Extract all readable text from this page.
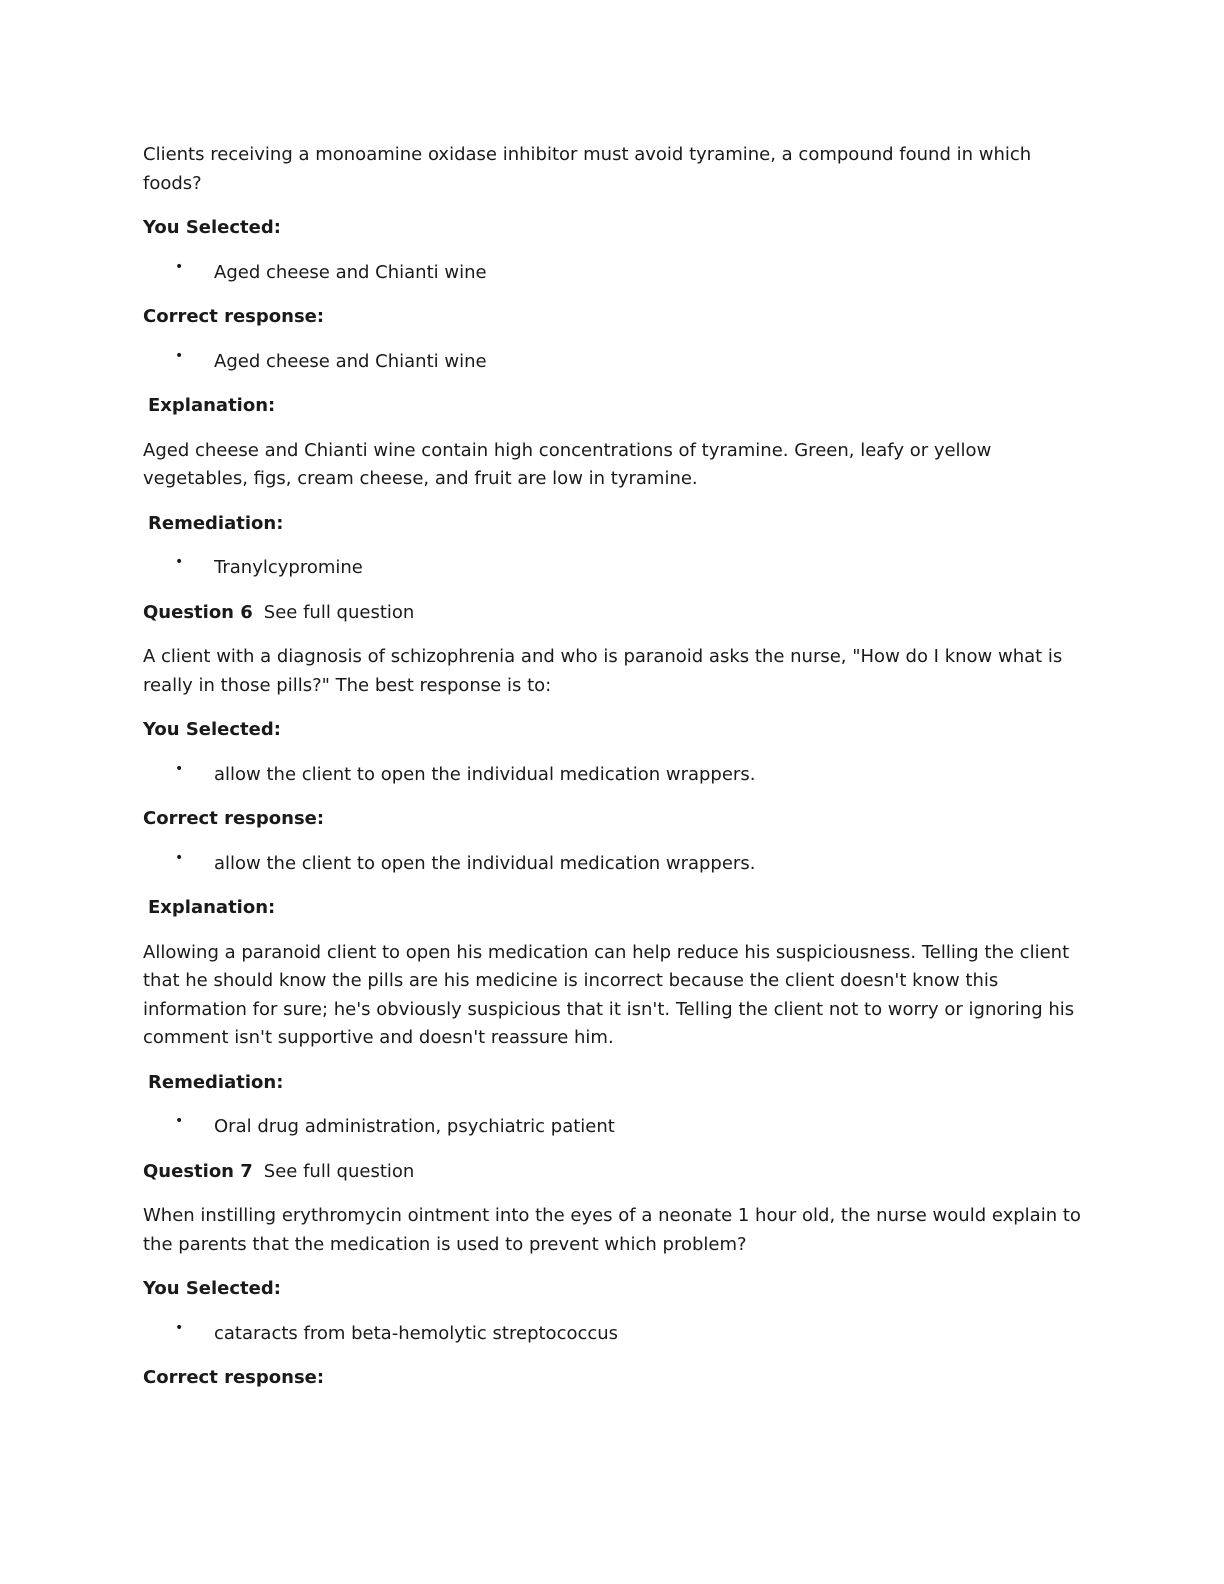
Clients receiving a monoamine oxidase inhibitor must avoid tyramine, a compound found in which foods?

You Selected:

• Aged cheese and Chianti wine

Correct response:

• Aged cheese and Chianti wine

Explanation:

Aged cheese and Chianti wine contain high concentrations of tyramine. Green, leafy or yellow vegetables, figs, cream cheese, and fruit are low in tyramine.

Remediation:

• Tranylcypromine

Question 6 See full question

A client with a diagnosis of schizophrenia and who is paranoid asks the nurse, "How do I know what is really in those pills?" The best response is to:

You Selected:

• allow the client to open the individual medication wrappers.

Correct response:

• allow the client to open the individual medication wrappers.

Explanation:

Allowing a paranoid client to open his medication can help reduce his suspiciousness. Telling the client that he should know the pills are his medicine is incorrect because the client doesn't know this information for sure; he's obviously suspicious that it isn't. Telling the client not to worry or ignoring his comment isn't supportive and doesn't reassure him.

Remediation:

• Oral drug administration, psychiatric patient

Question 7 See full question

When instilling erythromycin ointment into the eyes of a neonate 1 hour old, the nurse would explain to the parents that the medication is used to prevent which problem?

You Selected:

• cataracts from beta-hemolytic streptococcus

Correct response:
